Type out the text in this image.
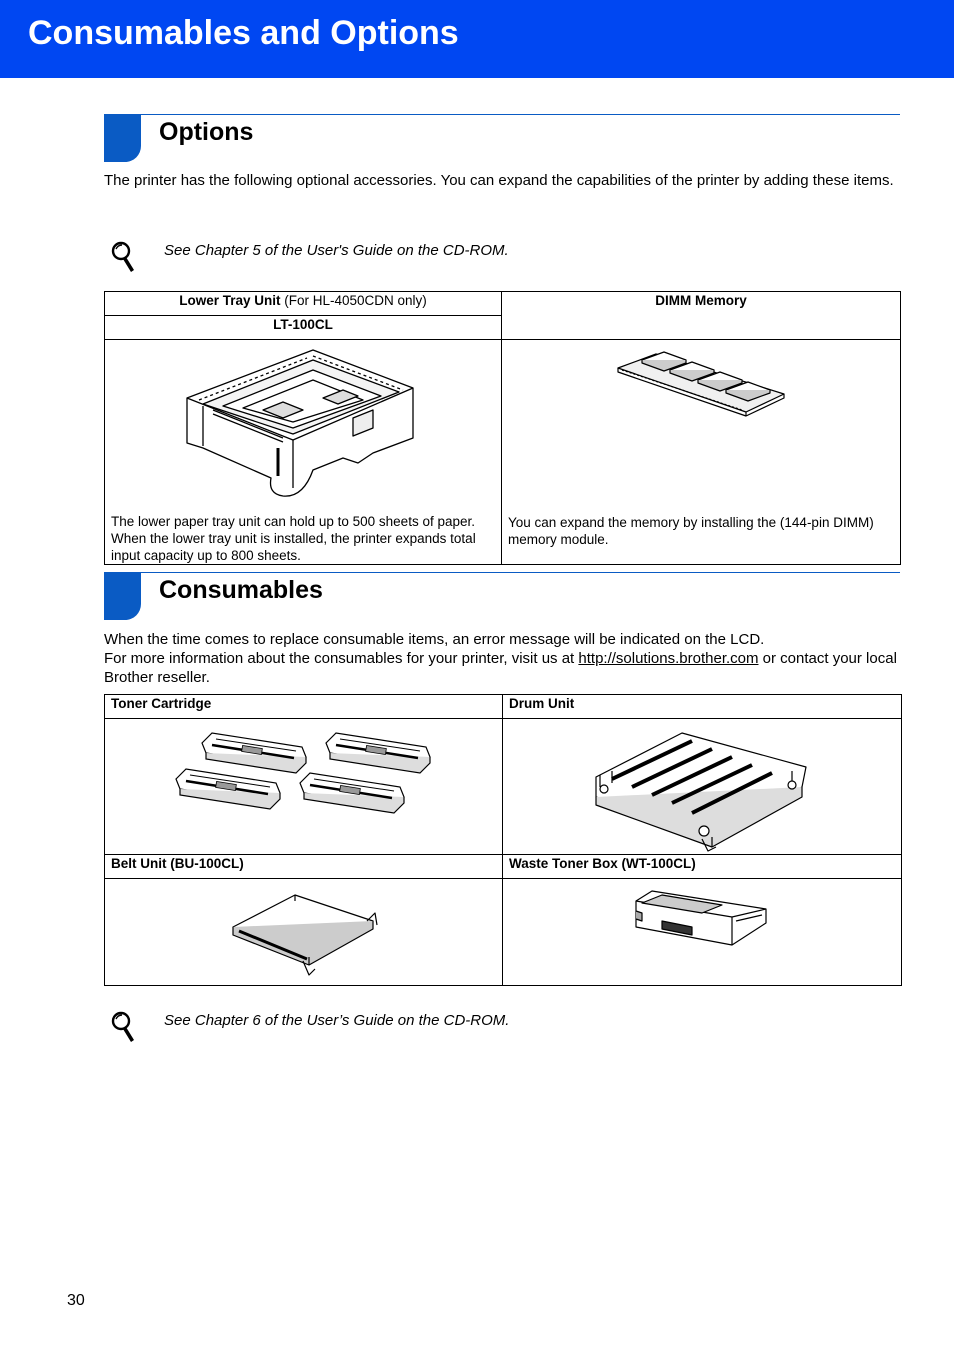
Consumables and Options
Options

The printer has the following optional accessories. You can expand the capabilities of the printer by adding these items.

See Chapter 5 of the User's Guide on the CD-ROM.
Lower Tray Unit (For HL-4050CDN only)	DIMM Memory
LT-100CL	

The lower paper tray unit can hold up to 500 sheets of paper. When the lower tray unit is installed, the printer expands total input capacity up to 800 sheets.	You can expand the memory by installing the (144-pin DIMM) memory module.
Consumables

When the time comes to replace consumable items, an error message will be indicated on the LCD.
For more information about the consumables for your printer, visit us at http://solutions.brother.com or contact your local Brother reseller.

Toner Cartridge	Drum Unit

Belt Unit (BU-100CL)	Waste Toner Box (WT-100CL)

See Chapter 6 of the User’s Guide on the CD-ROM.
30
